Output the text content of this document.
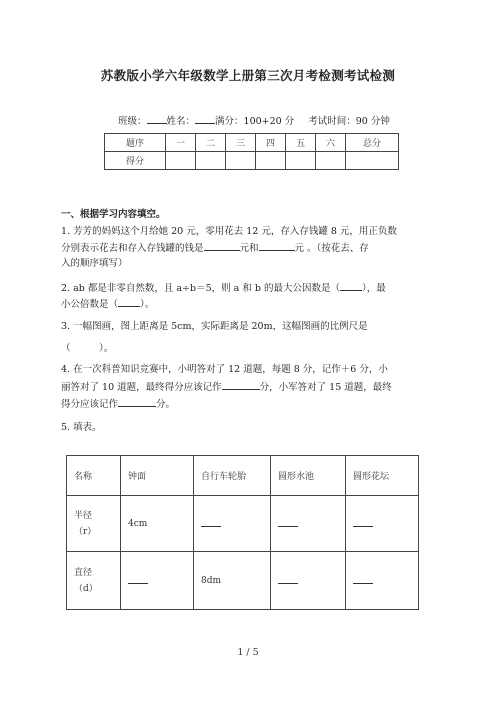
苏教版小学六年级数学上册第三次月考检测考试检测
班级： 姓名： 满分：100+20 分 考试时间：90 分钟
题序	一	二	三	四	五	六	总分
得分							
一、根据学习内容填空。
1. 芳芳的妈妈这个月给她 20 元，零用花去 12 元，存入存钱罐 8 元，用正负数
分别表示花去和存入存钱罐的钱是	元和	元 。（按花去、存
入的顺序填写）
2. ab 都是非零自然数，且 a÷b＝5，则 a 和 b 的最大公因数是（ ），最
小公倍数是（ ）。
3. 一幅图画，图上距离是 5cm，实际距离是 20m，这幅图画的比例尺是
（　　　）。
4. 在一次科普知识竞赛中，小明答对了 12 道题，每题 8 分，记作＋6 分，小
丽答对了 10 道题，最终得分应该记作	分，小军答对了 15 道题，最终
得分应该记作	分。
5. 填表。
名称	钟面	自行车轮胎	圆形水池	圆形花坛

半径
（r）	4cm			

直径
（d）		8dm		
1 / 5
